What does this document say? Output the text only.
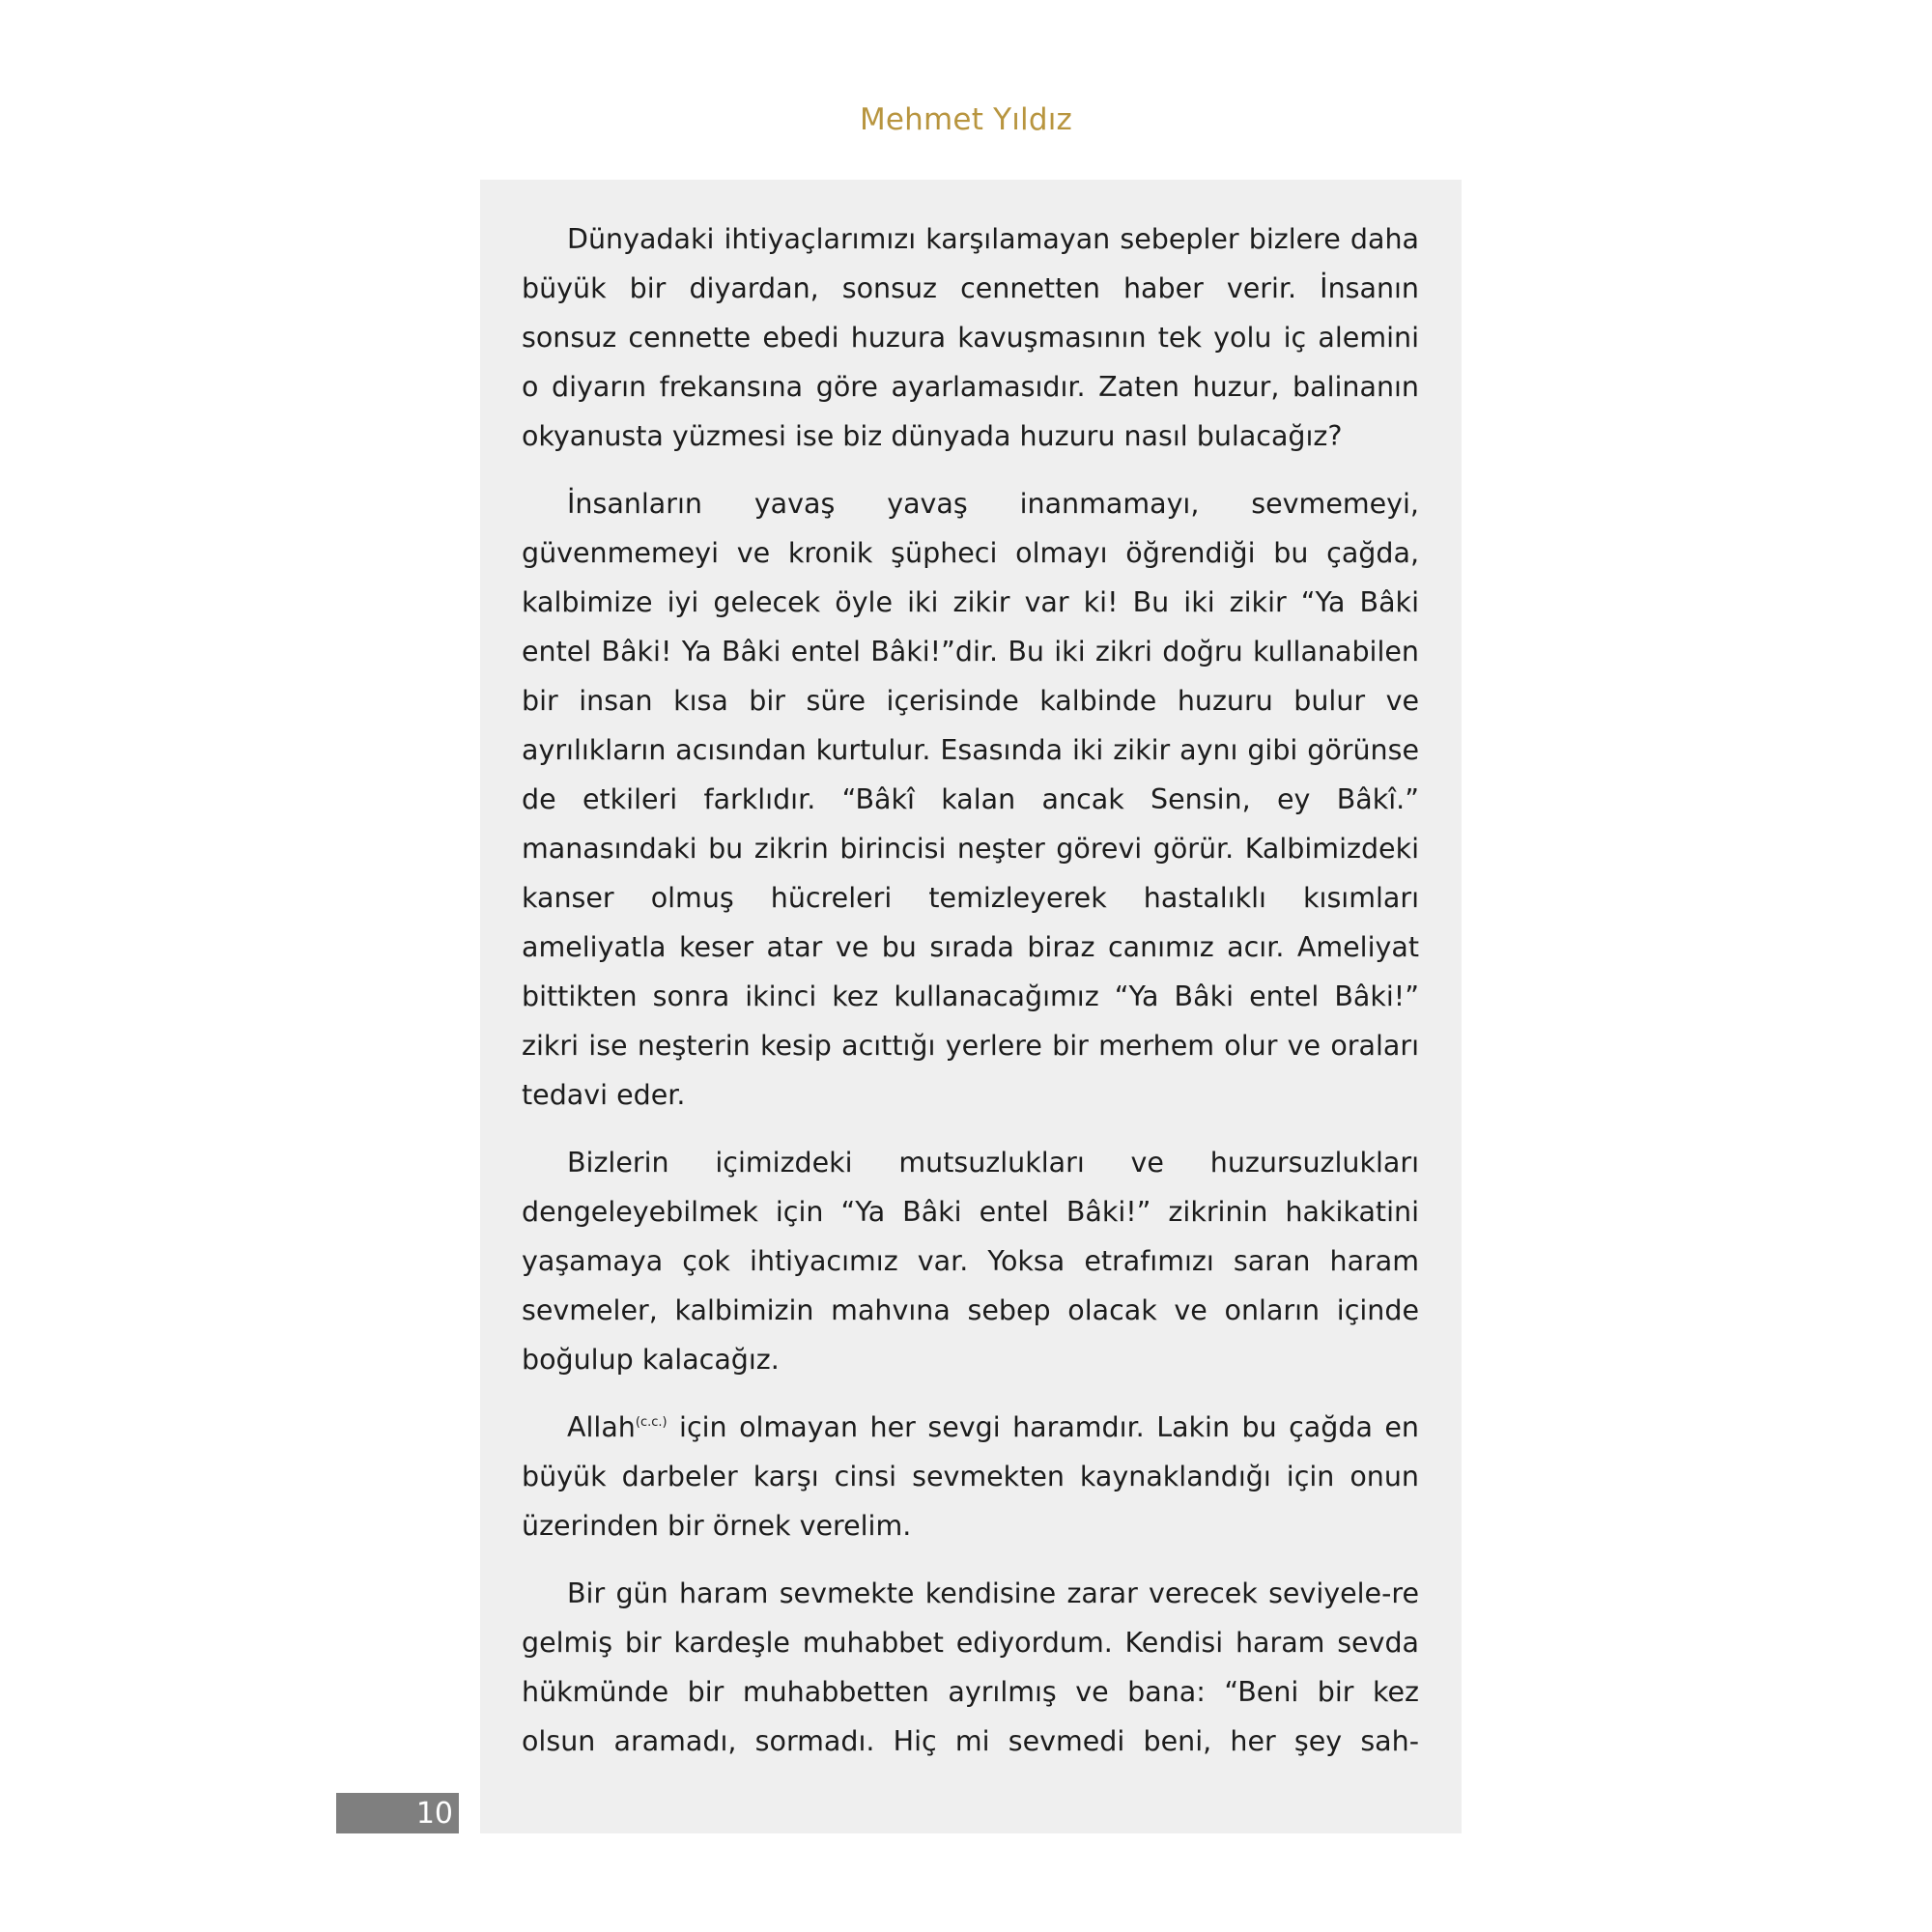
Mehmet Yıldız

Dünyadaki ihtiyaçlarımızı karşılamayan sebepler bizlere daha büyük bir diyardan, sonsuz cennetten haber verir. İnsanın sonsuz cennette ebedi huzura kavuşmasının tek yolu iç alemini o diyarın frekansına göre ayarlamasıdır. Zaten huzur, balinanın okyanusta yüzmesi ise biz dünyada huzuru nasıl bulacağız?

İnsanların yavaş yavaş inanmamayı, sevmemeyi, güvenmemeyi ve kronik şüpheci olmayı öğrendiği bu çağda, kalbimize iyi gelecek öyle iki zikir var ki! Bu iki zikir “Ya Bâki entel Bâki! Ya Bâki entel Bâki!”dir. Bu iki zikri doğru kullanabilen bir insan kısa bir süre içerisinde kalbinde huzuru bulur ve ayrılıkların acısından kurtulur. Esasında iki zikir aynı gibi görünse de etkileri farklıdır. “Bâkî kalan ancak Sensin, ey Bâkî.” manasındaki bu zikrin birincisi neşter görevi görür. Kalbimizdeki kanser olmuş hücreleri temizleyerek hastalıklı kısımları ameliyatla keser atar ve bu sırada biraz canımız acır. Ameliyat bittikten sonra ikinci kez kullanacağımız “Ya Bâki entel Bâki!” zikri ise neşterin kesip acıttığı yerlere bir merhem olur ve oraları tedavi eder.

Bizlerin içimizdeki mutsuzlukları ve huzursuzlukları dengeleyebilmek için “Ya Bâki entel Bâki!” zikrinin hakikatini yaşamaya çok ihtiyacımız var. Yoksa etrafımızı saran haram sevmeler, kalbimizin mahvına sebep olacak ve onların içinde boğulup kalacağız.

Allah$^{(c.c.)}$ için olmayan her sevgi haramdır. Lakin bu çağda en büyük darbeler karşı cinsi sevmekten kaynaklandığı için onun üzerinden bir örnek verelim.

Bir gün haram sevmekte kendisine zarar verecek seviyele-re gelmiş bir kardeşle muhabbet ediyordum. Kendisi haram sevda hükmünde bir muhabbetten ayrılmış ve bana: “Beni bir kez olsun aramadı, sormadı. Hiç mi sevmedi beni, her şey sah-

10
